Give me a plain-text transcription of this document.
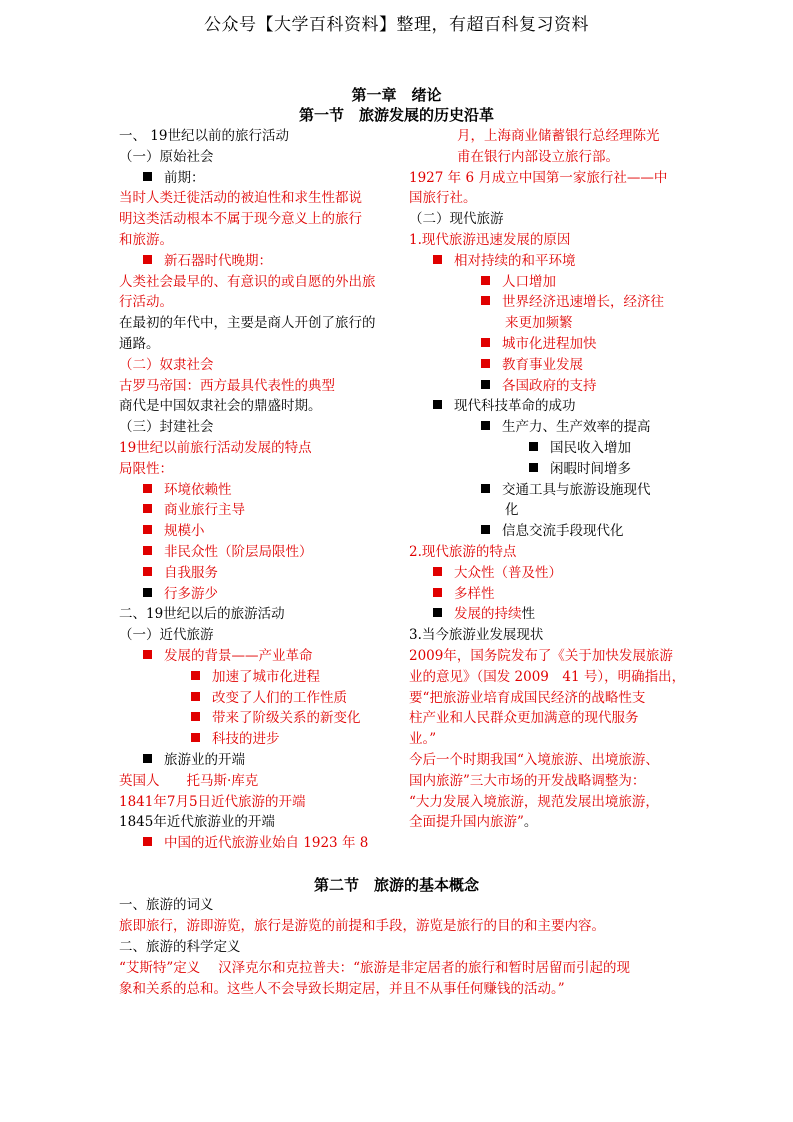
公众号【大学百科资料】整理，有超百科复习资料
第一章　绪论
第一节　旅游发展的历史沿革
一、 19世纪以前的旅行活动
（一）原始社会
前期：
当时人类迁徙活动的被迫性和求生性都说
明这类活动根本不属于现今意义上的旅行
和旅游。
新石器时代晚期：
人类社会最早的、有意识的或自愿的外出旅
行活动。
在最初的年代中，主要是商人开创了旅行的
通路。
（二）奴隶社会
古罗马帝国：西方最具代表性的典型
商代是中国奴隶社会的鼎盛时期。
（三）封建社会
19世纪以前旅行活动发展的特点
局限性：
环境依赖性
商业旅行主导
规模小
非民众性（阶层局限性）
自我服务
行多游少
二、19世纪以后的旅游活动
（一）近代旅游
发展的背景——产业革命
加速了城市化进程
改变了人们的工作性质
带来了阶级关系的新变化
科技的进步
旅游业的开端
英国人　　托马斯·库克
1841年7月5日近代旅游的开端
1845年近代旅游业的开端
中国的近代旅游业始自 1923 年 8
月，上海商业储蓄银行总经理陈光
甫在银行内部设立旅行部。
1927 年 6 月成立中国第一家旅行社——中
国旅行社。
（二）现代旅游
1.现代旅游迅速发展的原因
相对持续的和平环境
人口增加
世界经济迅速增长，经济往
来更加频繁
城市化进程加快
教育事业发展
各国政府的支持
现代科技革命的成功
生产力、生产效率的提高
国民收入增加
闲暇时间增多
交通工具与旅游设施现代
化
信息交流手段现代化
2.现代旅游的特点
大众性（普及性）
多样性
发展的持续性
3.当今旅游业发展现状
2009年，国务院发布了《关于加快发展旅游
业的意见》（国发 2009　41 号），明确指出，
要“把旅游业培育成国民经济的战略性支
柱产业和人民群众更加满意的现代服务
业。”
今后一个时期我国“入境旅游、出境旅游、
国内旅游”三大市场的开发战略调整为：
“大力发展入境旅游，规范发展出境旅游，
全面提升国内旅游”。
第二节　旅游的基本概念
一、旅游的词义
旅即旅行，游即游览，旅行是游览的前提和手段，游览是旅行的目的和主要内容。
二、旅游的科学定义
“艾斯特”定义　 汉泽克尔和克拉普夫：“旅游是非定居者的旅行和暂时居留而引起的现
象和关系的总和。这些人不会导致长期定居，并且不从事任何赚钱的活动。”
